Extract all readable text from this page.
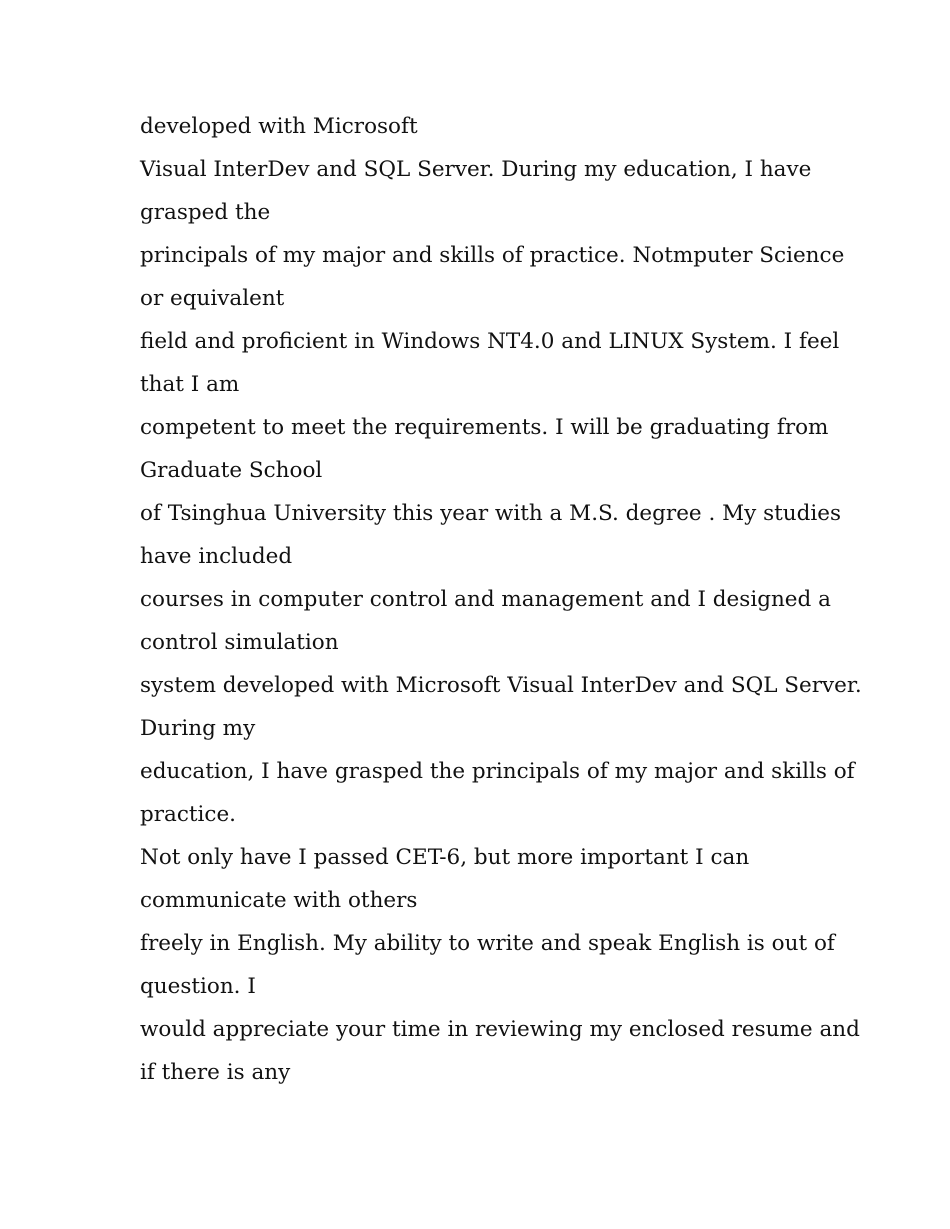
developed with Microsoft
Visual InterDev and SQL Server. During my education, I have
grasped the
principals of my major and skills of practice. Notmputer Science
or equivalent
field and proficient in Windows NT4.0 and LINUX System. I feel
that I am
competent to meet the requirements. I will be graduating from
Graduate School
of Tsinghua University this year with a M.S. degree . My studies
have included
courses in computer control and management and I designed a
control simulation
system developed with Microsoft Visual InterDev and SQL Server.
During my
education, I have grasped the principals of my major and skills of
practice.
Not only have I passed CET-6, but more important I can
communicate with others
freely in English. My ability to write and speak English is out of
question. I
would appreciate your time in reviewing my enclosed resume and
if there is any
